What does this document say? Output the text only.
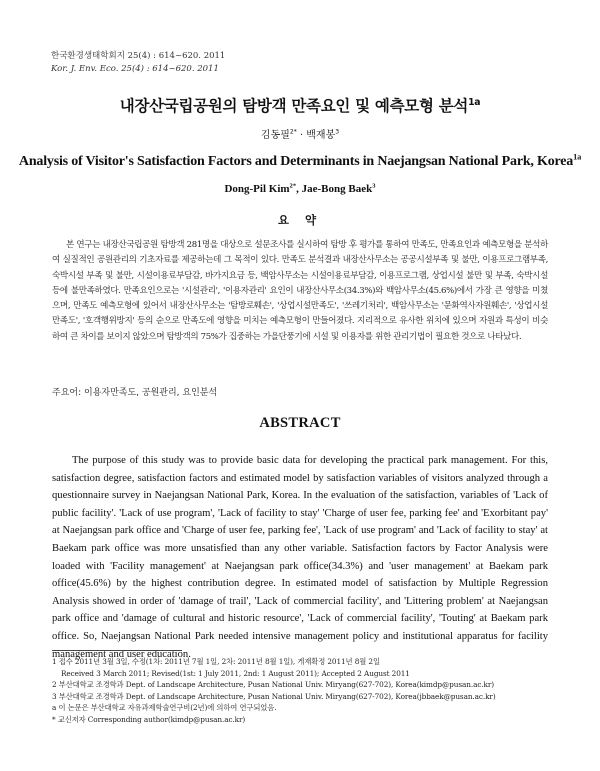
한국환경생태학회지 25(4) : 614~620. 2011
Kor. J. Env. Eco. 25(4) : 614~620. 2011
내장산국립공원의 탐방객 만족요인 및 예측모형 분석$^{1a}$
김동필$^{2*}$ · 백재봉$^3$
Analysis of Visitor's Satisfaction Factors and Determinants in Naejangsan National Park, Korea$^{1a}$
Dong-Pil Kim$^{2*}$, Jae-Bong Baek$^3$
요 약
본 연구는 내장산국립공원 탐방객 281명을 대상으로 설문조사를 실시하여 탐방 후 평가를 통하여 만족도, 만족요인과 예측모형을 분석하여 실질적인 공원관리의 기초자료를 제공하는데 그 목적이 있다. 만족도 분석결과 내장산사무소는 공공시설부족 및 불만, 이용프로그램부족, 숙박시설 부족 및 불만, 시설이용료부담감, 바가지요금 등, 백암사무소는 시설이용료부담감, 이용프로그램, 상업시설 불만 및 부족, 숙박시설 등에 불만족하였다. 만족요인으로는 '시설관리', '이용자관리' 요인이 내장산사무소(34.3%)와 백암사무소(45.6%)에서 가장 큰 영향을 미쳤으며, 만족도 예측모형에 있어서 내장산사무소는 '탐방로훼손', '상업시설만족도', '쓰레기처리', 백암사무소는 '문화역사자원훼손', '상업시설만족도', '호객행위방지' 등의 순으로 만족도에 영향을 미치는 예측모형이 만들어졌다. 지리적으로 유사한 위치에 있으며 자원과 특성이 비슷하여 큰 차이를 보이지 않았으며 탐방객의 75%가 집중하는 가을단풍기에 시설 및 이용자를 위한 관리기법이 필요한 것으로 나타났다.
주요어: 이용자만족도, 공원관리, 요인분석
ABSTRACT
The purpose of this study was to provide basic data for developing the practical park management. For this, satisfaction degree, satisfaction factors and estimated model by satisfaction variables of visitors analyzed through a questionnaire survey in Naejangsan National Park, Korea. In the evaluation of the satisfaction, variables of 'Lack of public facility'. 'Lack of use program', 'Lack of facility to stay' 'Charge of user fee, parking fee' and 'Exorbitant pay' at Naejangsan park office and 'Charge of user fee, parking fee', 'Lack of use program' and 'Lack of facility to stay' at Baekam park office was more unsatisfied than any other variable. Satisfaction factors by Factor Analysis were loaded with 'Facility management' at Naejangsan park office(34.3%) and 'user management' at Baekam park office(45.6%) by the highest contribution degree. In estimated model of satisfaction by Multiple Regression Analysis showed in order of 'damage of trail', 'Lack of commercial facility', and 'Littering problem' at Naejangsan park office and 'damage of cultural and historic resource', 'Lack of commercial facility', 'Touting' at Baekam park office. So, Naejangsan National Park needed intensive management policy and institutional apparatus for facility management and user education.
1 접수 2011년 3월 3일, 수정(1차: 2011년 7월 1일, 2차: 2011년 8월 1일), 게재확정 2011년 8월 2일
Received 3 March 2011; Revised(1st: 1 July 2011, 2nd: 1 August 2011); Accepted 2 August 2011
2 부산대학교 조경학과 Dept. of Landscape Architecture, Pusan National Univ. Miryang(627-702), Korea(kimdp@pusan.ac.kr)
3 부산대학교 조경학과 Dept. of Landscape Architecture, Pusan National Univ. Miryang(627-702), Korea(jbbaek@pusan.ac.kr)
a 이 논문은 부산대학교 자유과제학술연구비(2년)에 의하여 연구되었음.
* 교신저자 Corresponding author(kimdp@pusan.ac.kr)
